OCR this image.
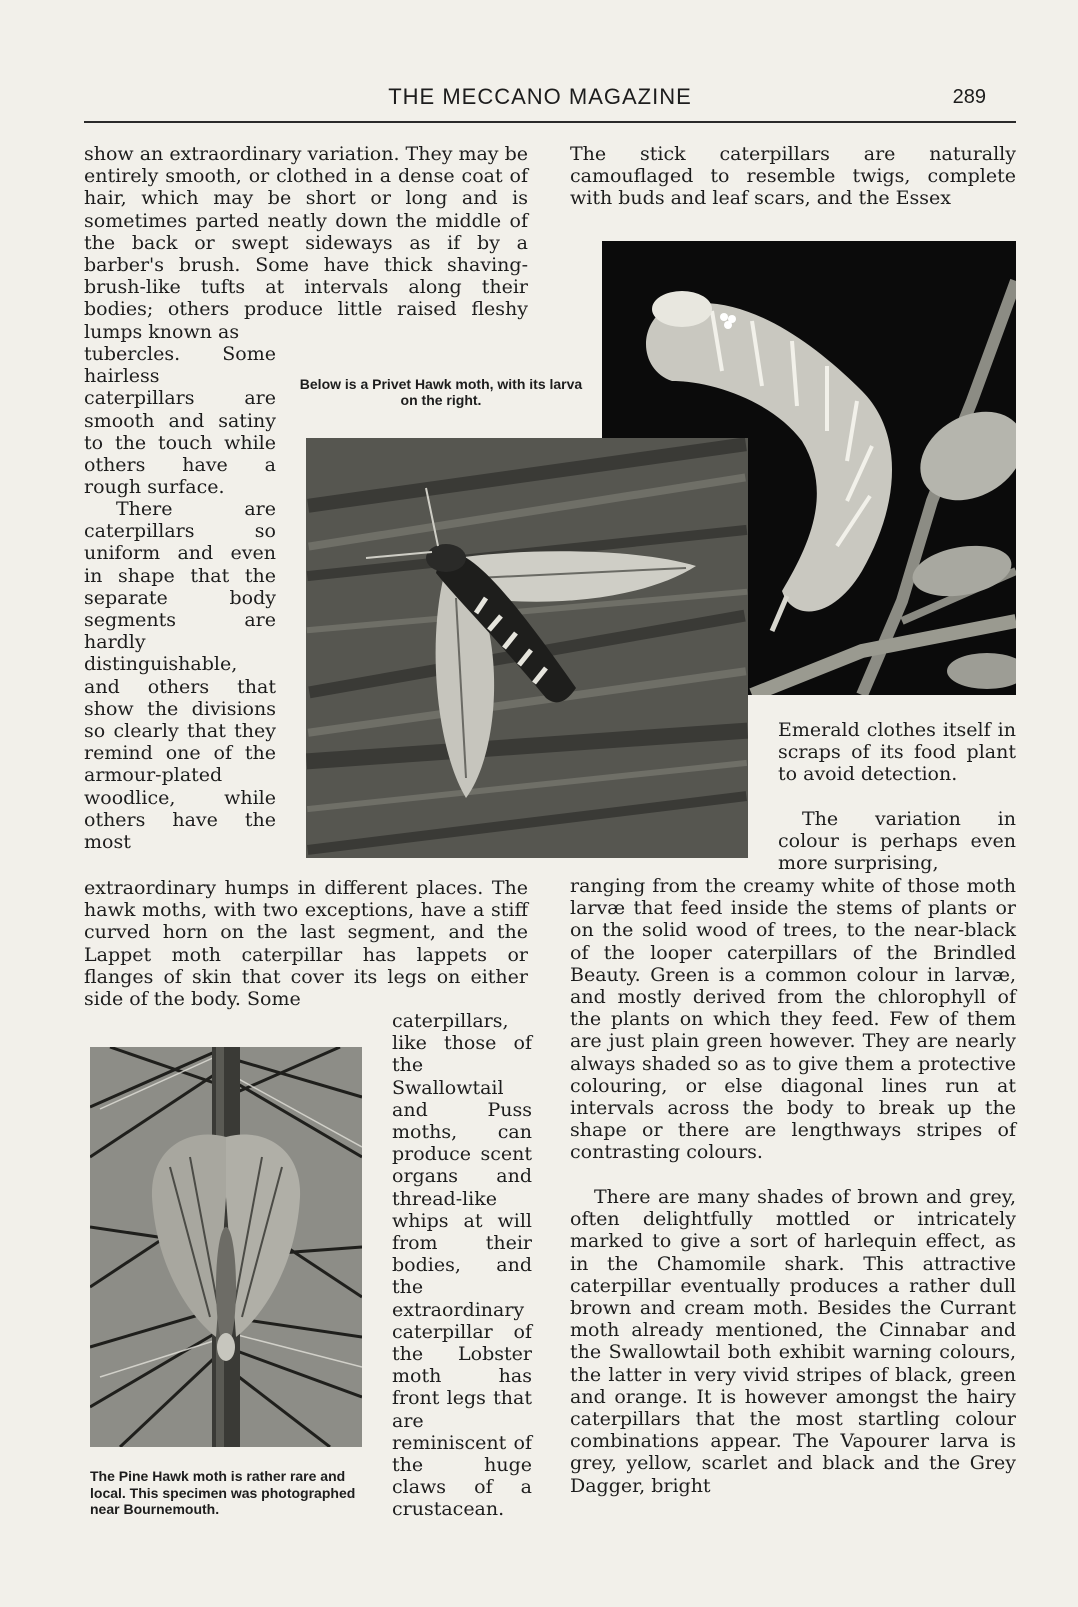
THE MECCANO MAGAZINE	289

show an extraordinary variation. They may be entirely smooth, or clothed in a dense coat of hair, which may be short or long and is sometimes parted neatly down the middle of the back or swept sideways as if by a barber's brush. Some have thick shaving-brush-like tufts at intervals along their bodies; others produce little raised fleshy lumps known as

tubercles. Some hairless caterpillars are smooth and satiny to the touch while others have a rough surface.

There are caterpillars so uniform and even in shape that the separate body segments are hardly distinguishable, and others that show the divisions so clearly that they remind one of the armour-plated woodlice, while others have the most

extraordinary humps in different places. The hawk moths, with two exceptions, have a stiff curved horn on the last segment, and the Lappet moth caterpillar has lappets or flanges of skin that cover its legs on either side of the body. Some

caterpillars, like those of the Swallowtail and Puss moths, can produce scent organs and thread-like whips at will from their bodies, and the extraordinary caterpillar of the Lobster moth has front legs that are reminiscent of the huge claws of a crustacean.

The stick caterpillars are naturally camouflaged to resemble twigs, complete with buds and leaf scars, and the Essex

Emerald clothes itself in scraps of its food plant to avoid detection.

The variation in colour is perhaps even more surprising,

ranging from the creamy white of those moth larvæ that feed inside the stems of plants or on the solid wood of trees, to the near-black of the looper caterpillars of the Brindled Beauty. Green is a common colour in larvæ, and mostly derived from the chlorophyll of the plants on which they feed. Few of them are just plain green however. They are nearly always shaded so as to give them a protective colouring, or else diagonal lines run at intervals across the body to break up the shape or there are lengthways stripes of contrasting colours.

There are many shades of brown and grey, often delightfully mottled or intricately marked to give a sort of harlequin effect, as in the Chamomile shark. This attractive caterpillar eventually produces a rather dull brown and cream moth. Besides the Currant moth already mentioned, the Cinnabar and the Swallowtail both exhibit warning colours, the latter in very vivid stripes of black, green and orange. It is however amongst the hairy caterpillars that the most startling colour combinations appear. The Vapourer larva is grey, yellow, scarlet and black and the Grey Dagger, bright

Below is a Privet Hawk moth, with its larva on the right.

The Pine Hawk moth is rather rare and local. This specimen was photographed near Bournemouth.
